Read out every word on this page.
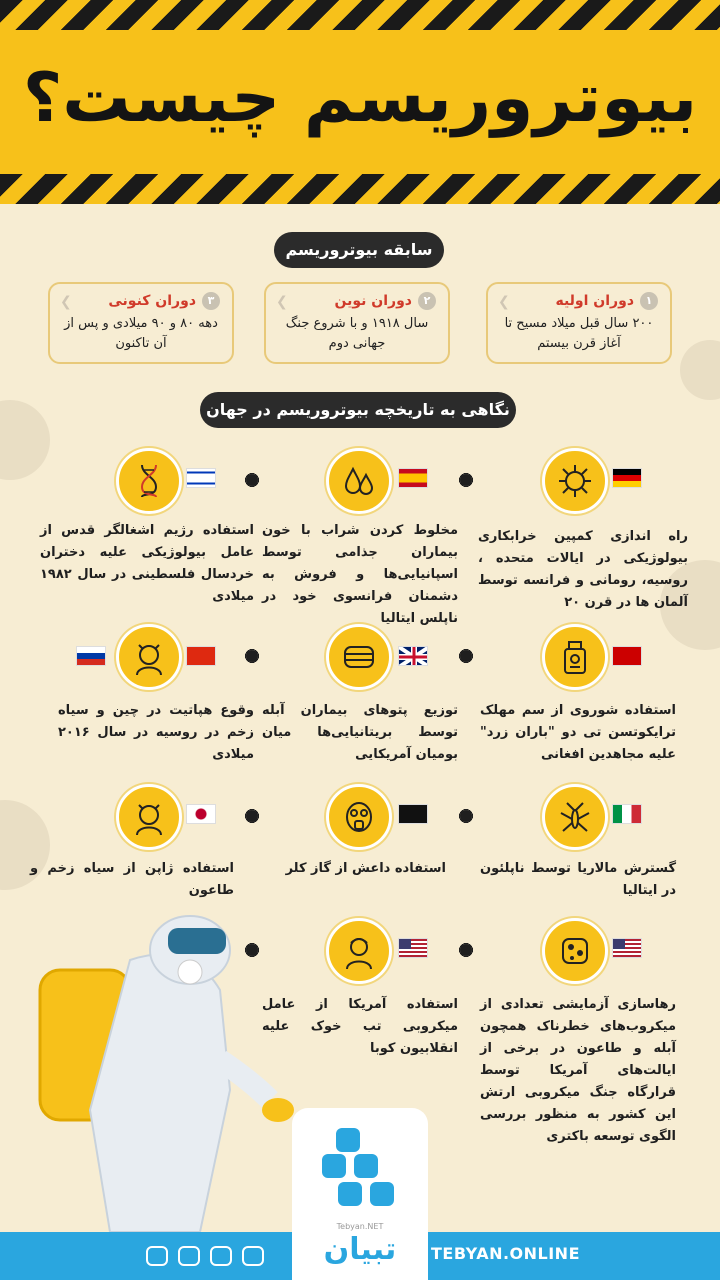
بیوتروریسم چیست؟
سابقه بیوتروریسم
۱
دوران اولیه
۲۰۰ سال قبل میلاد مسیح تا آغاز قرن بیستم
❯
۲
دوران نوین
سال ۱۹۱۸ و با شروع جنگ جهانی دوم
❯
۳
دوران کنونی
دهه ۸۰ و ۹۰ میلادی و پس از آن تاکنون
❯
نگاهی به تاریخچه بیوتروریسم در جهان
راه اندازی کمپین خرابکاری بیولوژیکی در ایالات متحده ، روسیه، رومانی و فرانسه توسط آلمان ها در قرن ۲۰
مخلوط کردن شراب با خون بیماران جذامی توسط اسپانیایی‌ها و فروش به دشمنان فرانسوی خود در ناپلس ایتالیا
استفاده رژیم اشغالگر قدس از عامل بیولوژیکی علیه دختران خردسال فلسطینی در سال ۱۹۸۲ میلادی
استفاده شوروی از سم مهلک ترایکوتسن تی دو "باران زرد" علیه مجاهدین افغانی
توزیع پتوهای بیماران آبله توسط بریتانیایی‌ها میان بومیان آمریکایی
وقوع هپاتیت در چین و سیاه زخم در روسیه در سال ۲۰۱۶ میلادی
گسترش مالاریا توسط ناپلئون در ایتالیا
استفاده داعش از گاز کلر
استفاده ژاپن از سیاه زخم و طاعون
رهاسازی آزمایشی تعدادی از میکروب‌های خطرناک همچون آبله و طاعون در برخی از ایالت‌های آمریکا توسط قرارگاه جنگ میکروبی ارتش این کشور به منظور بررسی الگوی توسعه باکتری
استفاده آمریکا از عامل میکروبی تب خوک علیه انقلابیون کوبا
TEBYAN.ONLINE
Tebyan.NET
تبیان
